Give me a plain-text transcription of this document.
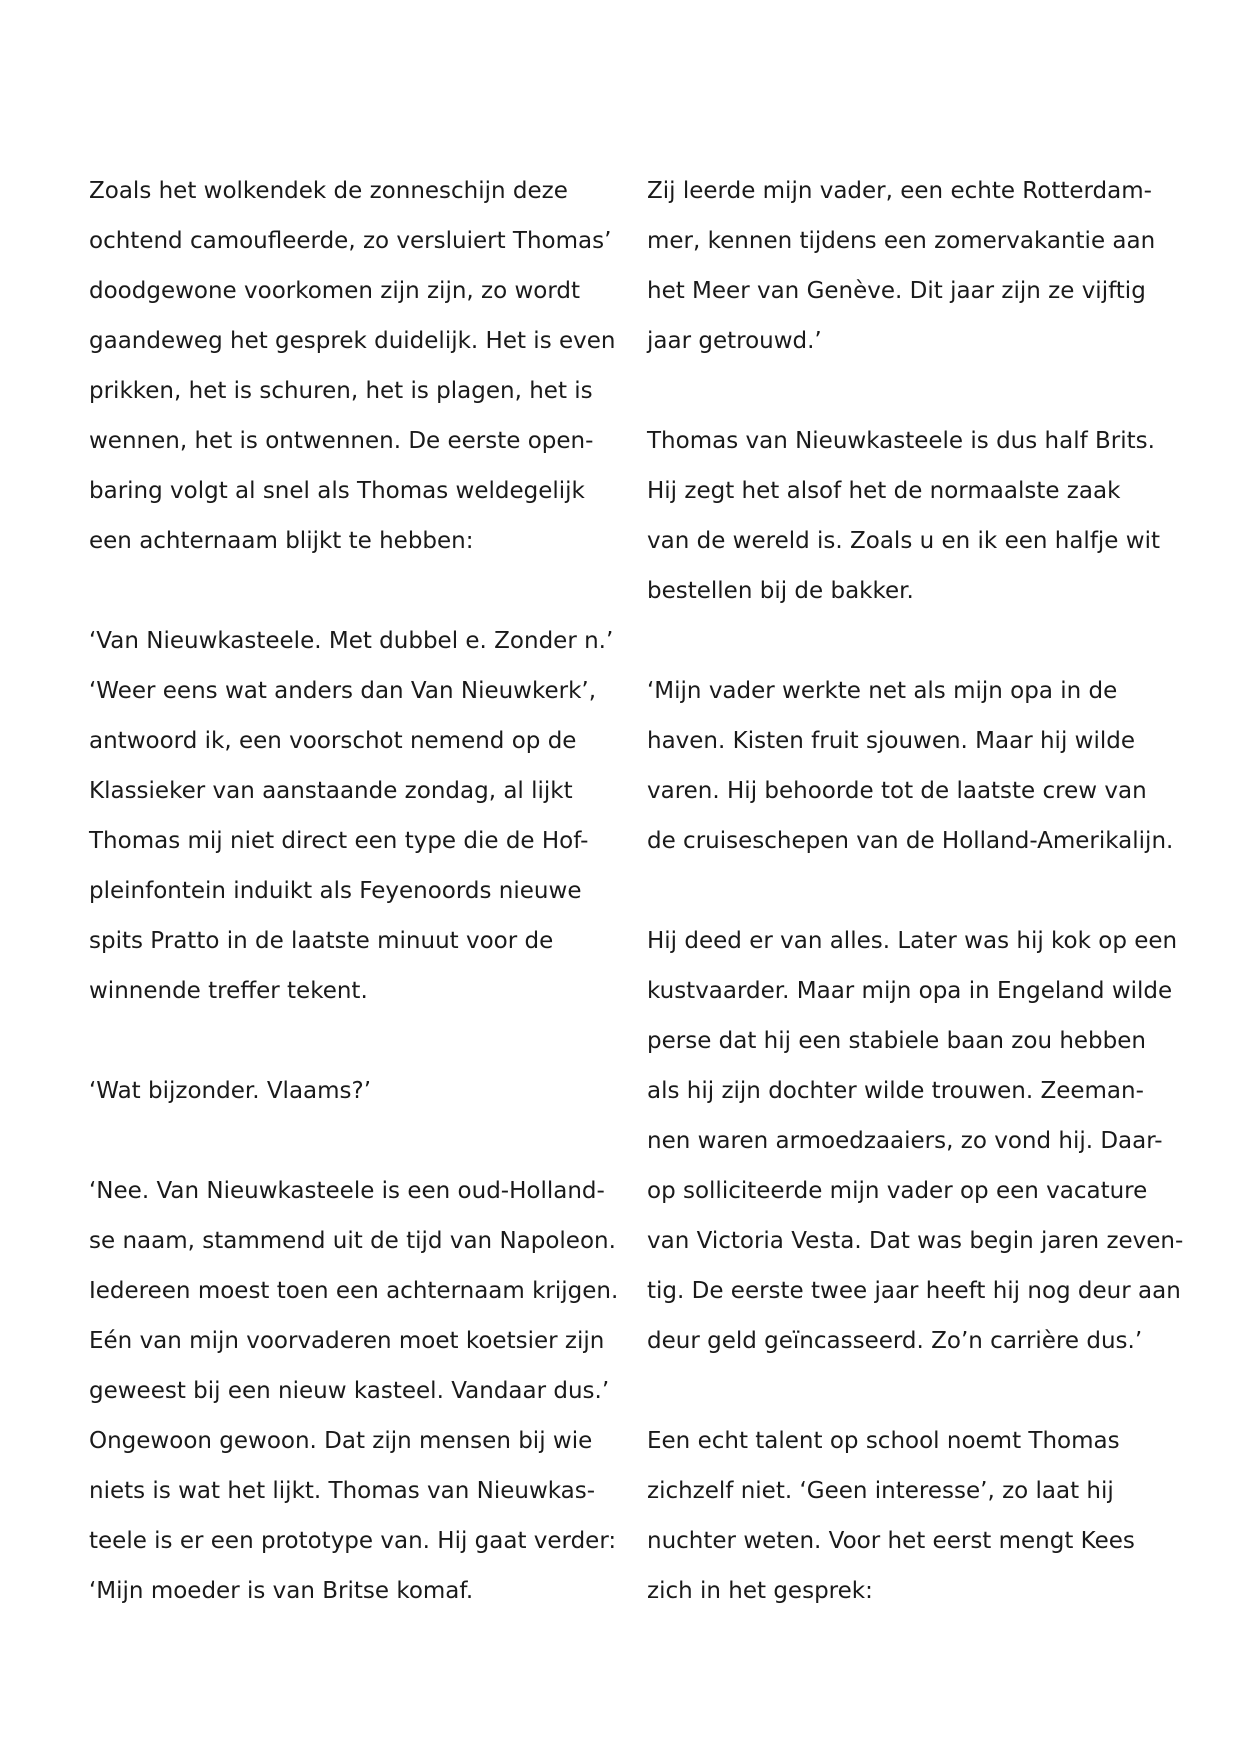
Zoals het wolkendek de zonneschijn deze
ochtend camoufleerde, zo versluiert Thomas’
doodgewone voorkomen zijn zijn, zo wordt
gaandeweg het gesprek duidelijk. Het is even
prikken, het is schuren, het is plagen, het is
wennen, het is ontwennen. De eerste open-
baring volgt al snel als Thomas weldegelijk
een achternaam blijkt te hebben:
‘Van Nieuwkasteele. Met dubbel e. Zonder n.’
‘Weer eens wat anders dan Van Nieuwkerk’,
antwoord ik, een voorschot nemend op de
Klassieker van aanstaande zondag, al lijkt
Thomas mij niet direct een type die de Hof-
pleinfontein induikt als Feyenoords nieuwe
spits Pratto in de laatste minuut voor de
winnende treffer tekent.
‘Wat bijzonder. Vlaams?’
‘Nee. Van Nieuwkasteele is een oud-Holland-
se naam, stammend uit de tijd van Napoleon.
Iedereen moest toen een achternaam krijgen.
Eén van mijn voorvaderen moet koetsier zijn
geweest bij een nieuw kasteel. Vandaar dus.’
Ongewoon gewoon. Dat zijn mensen bij wie
niets is wat het lijkt. Thomas van Nieuwkas-
teele is er een prototype van. Hij gaat verder:
‘Mijn moeder is van Britse komaf.
Zij leerde mijn vader, een echte Rotterdam-
mer, kennen tijdens een zomervakantie aan
het Meer van Genève. Dit jaar zijn ze vijftig
jaar getrouwd.’
Thomas van Nieuwkasteele is dus half Brits.
Hij zegt het alsof het de normaalste zaak
van de wereld is. Zoals u en ik een halfje wit
bestellen bij de bakker.
‘Mijn vader werkte net als mijn opa in de
haven. Kisten fruit sjouwen. Maar hij wilde
varen. Hij behoorde tot de laatste crew van
de cruiseschepen van de Holland-Amerikalijn.
Hij deed er van alles. Later was hij kok op een
kustvaarder. Maar mijn opa in Engeland wilde
perse dat hij een stabiele baan zou hebben
als hij zijn dochter wilde trouwen. Zeeman-
nen waren armoedzaaiers, zo vond hij. Daar-
op solliciteerde mijn vader op een vacature
van Victoria Vesta. Dat was begin jaren zeven-
tig. De eerste twee jaar heeft hij nog deur aan
deur geld geïncasseerd. Zo’n carrière dus.’
Een echt talent op school noemt Thomas
zichzelf niet. ‘Geen interesse’, zo laat hij
nuchter weten. Voor het eerst mengt Kees
zich in het gesprek:
